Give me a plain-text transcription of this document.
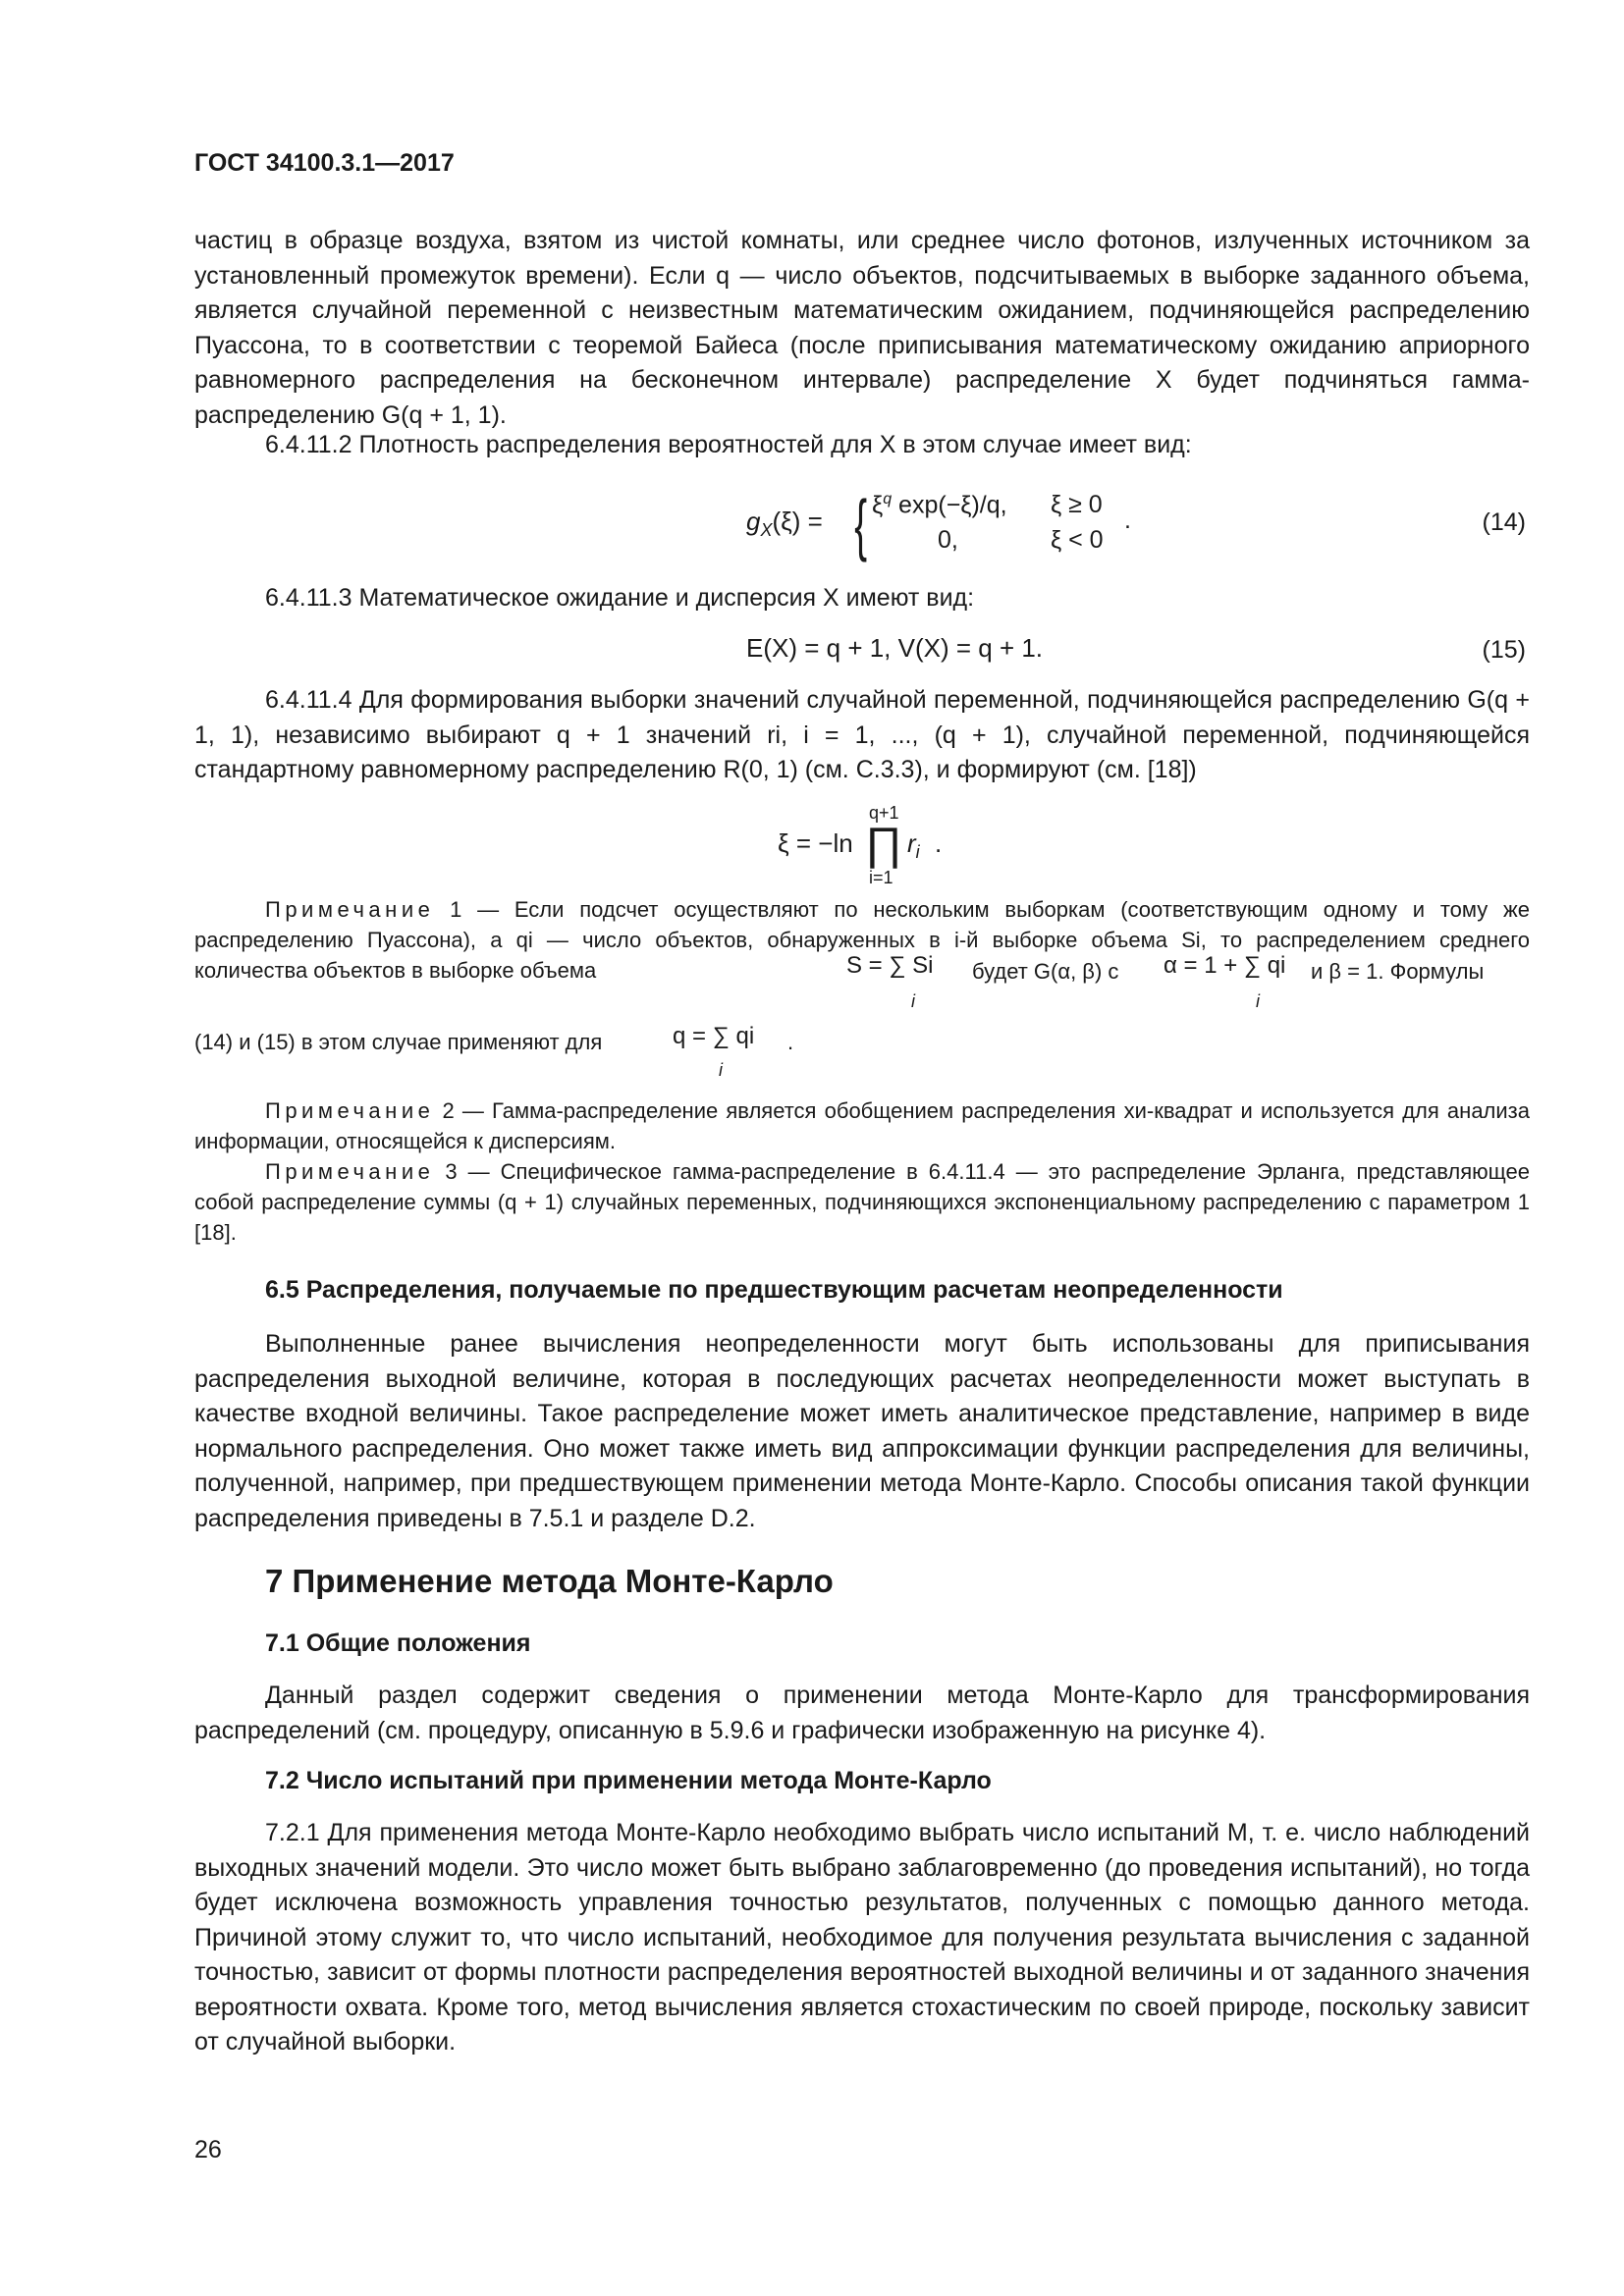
ГОСТ 34100.3.1—2017
частиц в образце воздуха, взятом из чистой комнаты, или среднее число фотонов, излученных источником за установленный промежуток времени). Если q — число объектов, подсчитываемых в выборке заданного объема, является случайной переменной с неизвестным математическим ожиданием, подчиняющейся распределению Пуассона, то в соответствии с теоремой Байеса (после приписывания математическому ожиданию априорного равномерного распределения на бесконечном интервале) распределение X будет подчиняться гамма-распределению G(q + 1, 1).
6.4.11.2 Плотность распределения вероятностей для X в этом случае имеет вид:
$g_X(\xi)$ = { $\xi^q$ exp(−ξ)/q, ξ ≥ 0
0,	ξ < 0
.	(14)
6.4.11.3 Математическое ожидание и дисперсия X имеют вид:
E(X) = q + 1, V(X) = q + 1.	(15)
6.4.11.4 Для формирования выборки значений случайной переменной, подчиняющейся распределению G(q + 1, 1), независимо выбирают q + 1 значений ri, i = 1, ..., (q + 1), случайной переменной, подчиняющейся стандартному равномерному распределению R(0, 1) (см. С.3.3), и формируют (см. [18])
ξ = −ln
q+1
∏
i=1
$r_i$ .
Примечание 1 — Если подсчет осуществляют по нескольким выборкам (соответствующим одному и тому же распределению Пуассона), а qi — число объектов, обнаруженных в i-й выборке объема Si, то распределением среднего количества объектов в выборке объема	S = ∑ Si
i
будет G(α, β) с α = 1 + ∑ qi
i
и β = 1. Формулы
(14) и (15) в этом случае применяют для	q = ∑ qi
i
.
Примечание 2 — Гамма-распределение является обобщением распределения хи-квадрат и используется для анализа информации, относящейся к дисперсиям.
Примечание 3 — Специфическое гамма-распределение в 6.4.11.4 — это распределение Эрланга, представляющее собой распределение суммы (q + 1) случайных переменных, подчиняющихся экспоненциальному распределению с параметром 1 [18].
6.5 Распределения, получаемые по предшествующим расчетам неопределенности
Выполненные ранее вычисления неопределенности могут быть использованы для приписывания распределения выходной величине, которая в последующих расчетах неопределенности может выступать в качестве входной величины. Такое распределение может иметь аналитическое представление, например в виде нормального распределения. Оно может также иметь вид аппроксимации функции распределения для величины, полученной, например, при предшествующем применении метода Монте-Карло. Способы описания такой функции распределения приведены в 7.5.1 и разделе D.2.
7 Применение метода Монте-Карло
7.1 Общие положения
Данный раздел содержит сведения о применении метода Монте-Карло для трансформирования распределений (см. процедуру, описанную в 5.9.6 и графически изображенную на рисунке 4).
7.2 Число испытаний при применении метода Монте-Карло
7.2.1 Для применения метода Монте-Карло необходимо выбрать число испытаний M, т. е. число наблюдений выходных значений модели. Это число может быть выбрано заблаговременно (до проведения испытаний), но тогда будет исключена возможность управления точностью результатов, полученных с помощью данного метода. Причиной этому служит то, что число испытаний, необходимое для получения результата вычисления с заданной точностью, зависит от формы плотности распределения вероятностей выходной величины и от заданного значения вероятности охвата. Кроме того, метод вычисления является стохастическим по своей природе, поскольку зависит от случайной выборки.
26
